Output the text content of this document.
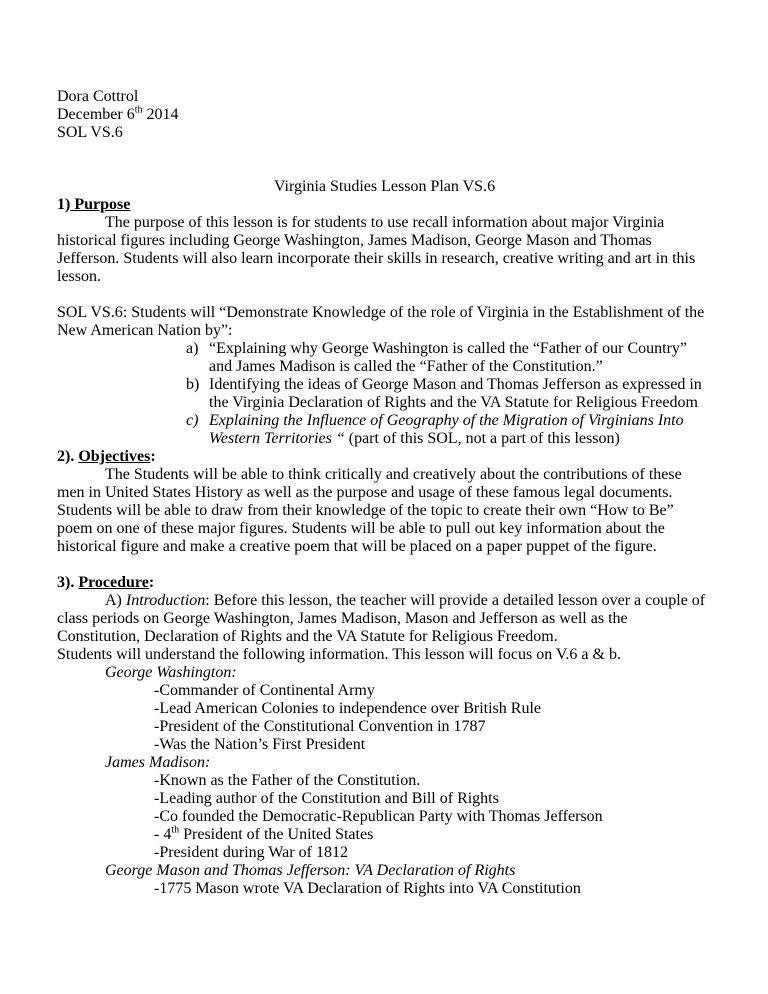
Dora Cottrol
December 6th 2014
SOL VS.6
Virginia Studies Lesson Plan VS.6
1) Purpose
The purpose of this lesson is for students to use recall information about major Virginia historical figures including George Washington, James Madison, George Mason and Thomas Jefferson. Students will also learn incorporate their skills in research, creative writing and art in this lesson.
SOL VS.6: Students will “Demonstrate Knowledge of the role of Virginia in the Establishment of the New American Nation by”:
a) “Explaining why George Washington is called the “Father of our Country” and James Madison is called the “Father of the Constitution.”
b) Identifying the ideas of George Mason and Thomas Jefferson as expressed in the Virginia Declaration of Rights and the VA Statute for Religious Freedom
c) Explaining the Influence of Geography of the Migration of Virginians Into Western Territories “ (part of this SOL, not a part of this lesson)
2). Objectives:
The Students will be able to think critically and creatively about the contributions of these men in United States History as well as the purpose and usage of these famous legal documents. Students will be able to draw from their knowledge of the topic to create their own “How to Be” poem on one of these major figures. Students will be able to pull out key information about the historical figure and make a creative poem that will be placed on a paper puppet of the figure.
3). Procedure:
A) Introduction: Before this lesson, the teacher will provide a detailed lesson over a couple of class periods on George Washington, James Madison, Mason and Jefferson as well as the Constitution, Declaration of Rights and the VA Statute for Religious Freedom.
Students will understand the following information. This lesson will focus on V.6 a & b.
George Washington:
-Commander of Continental Army
-Lead American Colonies to independence over British Rule
-President of the Constitutional Convention in 1787
-Was the Nation’s First President
James Madison:
-Known as the Father of the Constitution.
-Leading author of the Constitution and Bill of Rights
-Co founded the Democratic-Republican Party with Thomas Jefferson
- 4th President of the United States
-President during War of 1812
George Mason and Thomas Jefferson: VA Declaration of Rights
-1775 Mason wrote VA Declaration of Rights into VA Constitution
